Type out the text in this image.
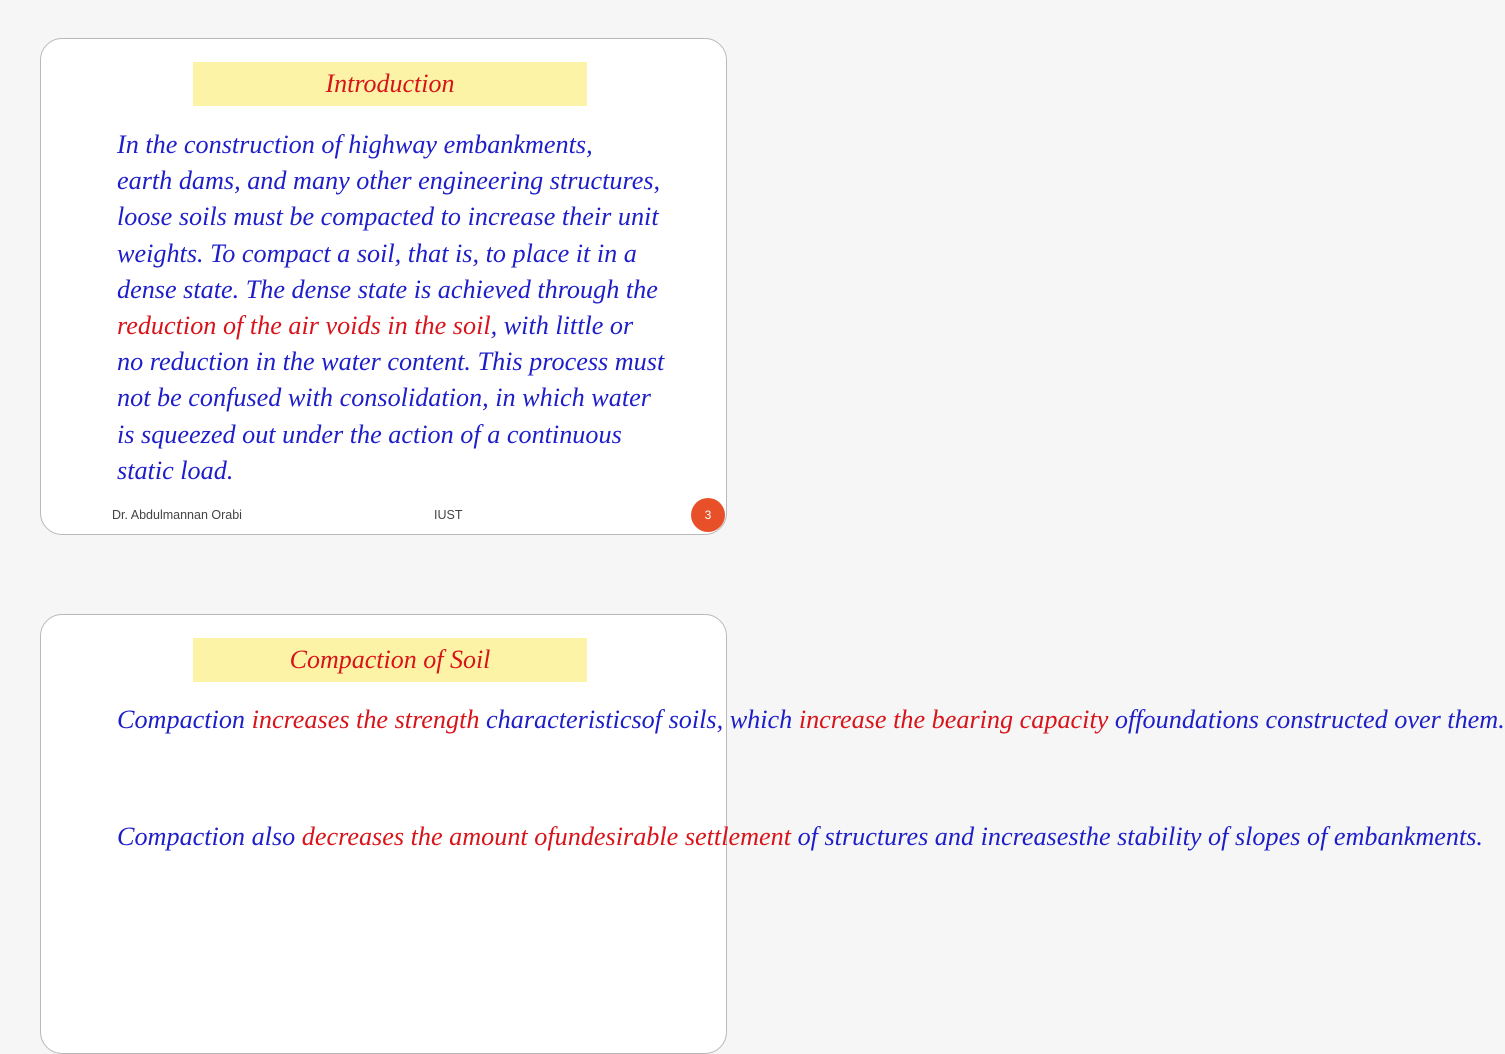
Introduction
In the construction of highway embankments,
earth dams, and many other engineering structures,
loose soils must be compacted to increase their unit
weights. To compact a soil, that is, to place it in a
dense state. The dense state is achieved through the
reduction of the air voids in the soil, with little or
no reduction in the water content. This process must
not be confused with consolidation, in which water
is squeezed out under the action of a continuous
static load.
Dr. Abdulmannan Orabi	IUST	3
Compaction of Soil
Compaction increases the strength characteristicsof soils, which increase the bearing capacity offoundations constructed over them.
Compaction also decreases the amount ofundesirable settlement of structures and increasesthe stability of slopes of embankments.
